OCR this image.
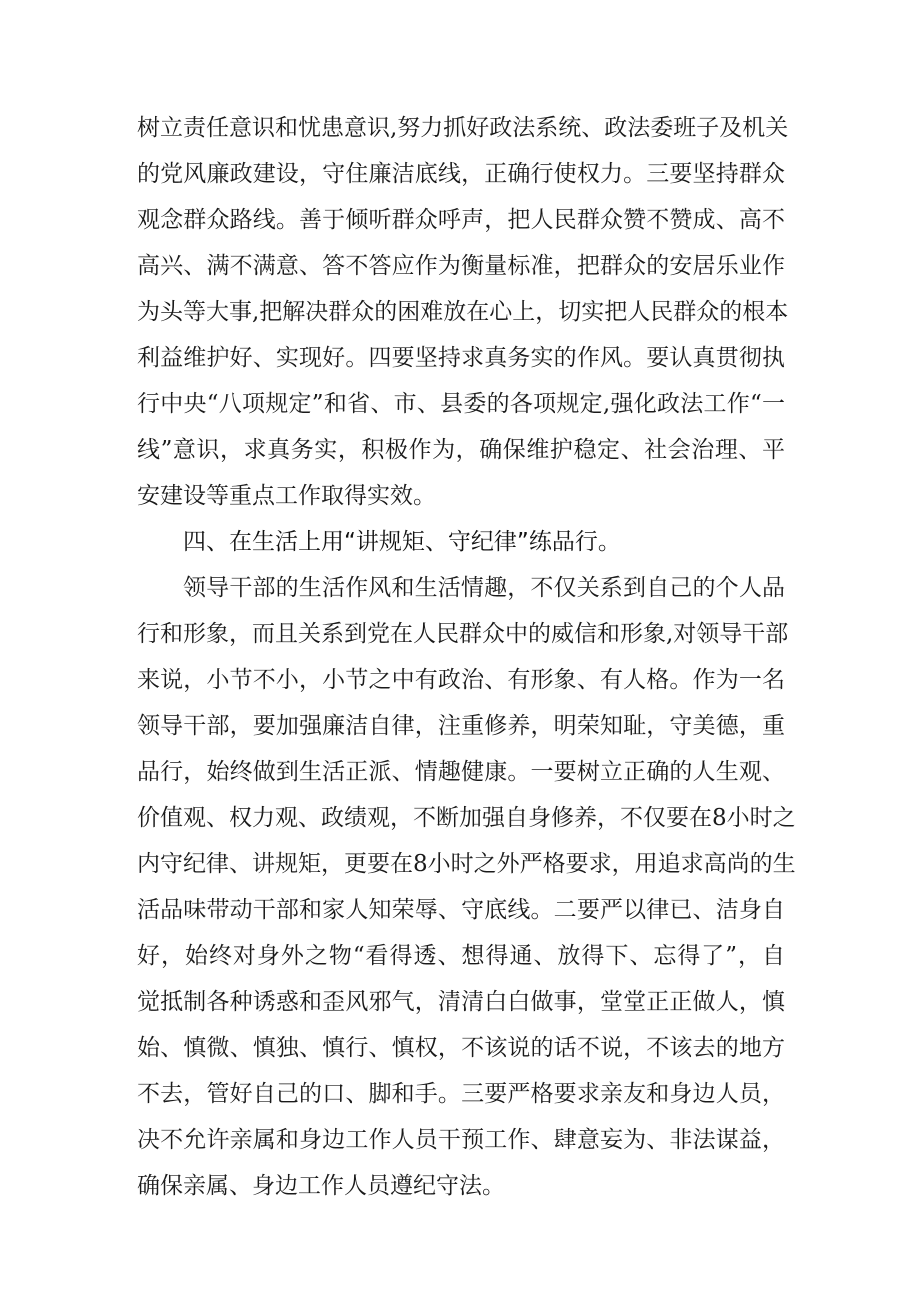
树立责任意识和忧患意识,努力抓好政法系统、政法委班子及机关
的党风廉政建设，守住廉洁底线，正确行使权力。三要坚持群众
观念群众路线。善于倾听群众呼声，把人民群众赞不赞成、高不
高兴、满不满意、答不答应作为衡量标准，把群众的安居乐业作
为头等大事,把解决群众的困难放在心上，切实把人民群众的根本
利益维护好、实现好。四要坚持求真务实的作风。要认真贯彻执
行中央“八项规定”和省、市、县委的各项规定,强化政法工作“一
线”意识，求真务实，积极作为，确保维护稳定、社会治理、平
安建设等重点工作取得实效。
四、在生活上用“讲规矩、守纪律”练品行。
领导干部的生活作风和生活情趣，不仅关系到自己的个人品
行和形象，而且关系到党在人民群众中的威信和形象,对领导干部
来说，小节不小，小节之中有政治、有形象、有人格。作为一名
领导干部，要加强廉洁自律，注重修养，明荣知耻，守美德，重
品行，始终做到生活正派、情趣健康。一要树立正确的人生观、
价值观、权力观、政绩观，不断加强自身修养，不仅要在8小时之
内守纪律、讲规矩，更要在8小时之外严格要求，用追求高尚的生
活品味带动干部和家人知荣辱、守底线。二要严以律已、洁身自
好，始终对身外之物“看得透、想得通、放得下、忘得了”，自
觉抵制各种诱惑和歪风邪气，清清白白做事，堂堂正正做人，慎
始、慎微、慎独、慎行、慎权，不该说的话不说，不该去的地方
不去，管好自己的口、脚和手。三要严格要求亲友和身边人员，
决不允许亲属和身边工作人员干预工作、肆意妄为、非法谋益，
确保亲属、身边工作人员遵纪守法。
